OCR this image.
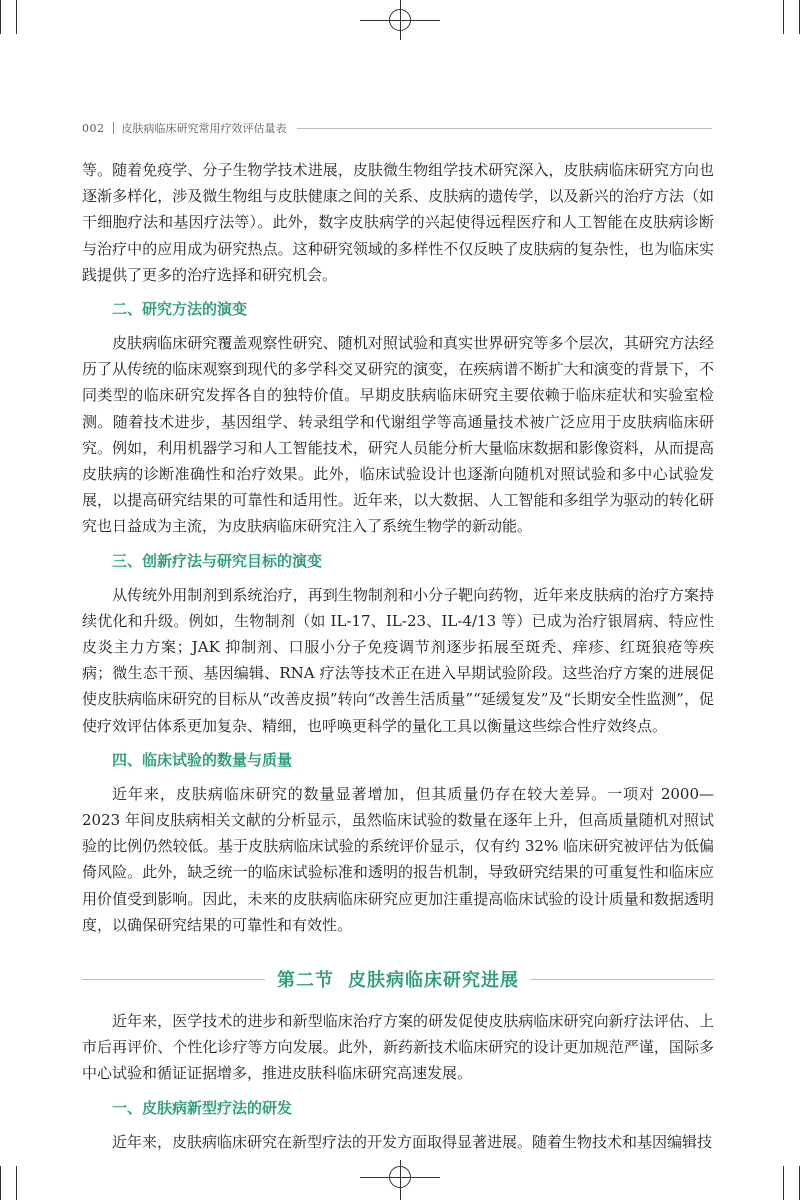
002 皮肤病临床研究常用疗效评估量表

等。随着免疫学、分子生物学技术进展，皮肤微生物组学技术研究深入，皮肤病临床研究方向也逐渐多样化，涉及微生物组与皮肤健康之间的关系、皮肤病的遗传学，以及新兴的治疗方法（如干细胞疗法和基因疗法等）。此外，数字皮肤病学的兴起使得远程医疗和人工智能在皮肤病诊断与治疗中的应用成为研究热点。这种研究领域的多样性不仅反映了皮肤病的复杂性，也为临床实践提供了更多的治疗选择和研究机会。

二、研究方法的演变

皮肤病临床研究覆盖观察性研究、随机对照试验和真实世界研究等多个层次，其研究方法经历了从传统的临床观察到现代的多学科交叉研究的演变，在疾病谱不断扩大和演变的背景下，不同类型的临床研究发挥各自的独特价值。早期皮肤病临床研究主要依赖于临床症状和实验室检测。随着技术进步，基因组学、转录组学和代谢组学等高通量技术被广泛应用于皮肤病临床研究。例如，利用机器学习和人工智能技术，研究人员能分析大量临床数据和影像资料，从而提高皮肤病的诊断准确性和治疗效果。此外，临床试验设计也逐渐向随机对照试验和多中心试验发展，以提高研究结果的可靠性和适用性。近年来，以大数据、人工智能和多组学为驱动的转化研究也日益成为主流，为皮肤病临床研究注入了系统生物学的新动能。

三、创新疗法与研究目标的演变

从传统外用制剂到系统治疗，再到生物制剂和小分子靶向药物，近年来皮肤病的治疗方案持续优化和升级。例如，生物制剂（如 IL-17、IL-23、IL-4/13 等）已成为治疗银屑病、特应性皮炎主力方案；JAK 抑制剂、口服小分子免疫调节剂逐步拓展至斑秃、痒疹、红斑狼疮等疾病；微生态干预、基因编辑、RNA 疗法等技术正在进入早期试验阶段。这些治疗方案的进展促使皮肤病临床研究的目标从“改善皮损”转向“改善生活质量”“延缓复发”及“长期安全性监测”，促使疗效评估体系更加复杂、精细，也呼唤更科学的量化工具以衡量这些综合性疗效终点。

四、临床试验的数量与质量

近年来，皮肤病临床研究的数量显著增加，但其质量仍存在较大差异。一项对 2000—2023 年间皮肤病相关文献的分析显示，虽然临床试验的数量在逐年上升，但高质量随机对照试验的比例仍然较低。基于皮肤病临床试验的系统评价显示，仅有约 32% 临床研究被评估为低偏倚风险。此外，缺乏统一的临床试验标准和透明的报告机制，导致研究结果的可重复性和临床应用价值受到影响。因此，未来的皮肤病临床研究应更加注重提高临床试验的设计质量和数据透明度，以确保研究结果的可靠性和有效性。

第二节 皮肤病临床研究进展

近年来，医学技术的进步和新型临床治疗方案的研发促使皮肤病临床研究向新疗法评估、上市后再评价、个性化诊疗等方向发展。此外，新药新技术临床研究的设计更加规范严谨，国际多中心试验和循证证据增多，推进皮肤科临床研究高速发展。

一、皮肤病新型疗法的研发

近年来，皮肤病临床研究在新型疗法的开发方面取得显著进展。随着生物技术和基因编辑技
